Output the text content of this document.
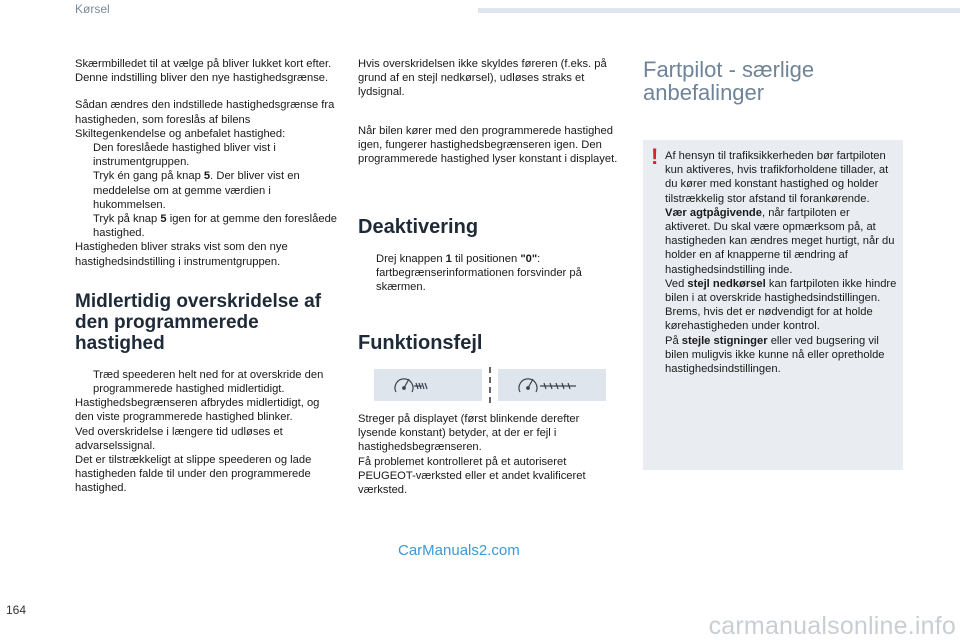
Kørsel

Skærmbilledet til at vælge på bliver lukket kort efter.

Denne indstilling bliver den nye hastighedsgrænse.

Sådan ændres den indstillede hastighedsgrænse fra hastigheden, som foreslås af bilens Skiltegenkendelse og anbefalet hastighed:

Den foreslåede hastighed bliver vist i instrumentgruppen.
Tryk én gang på knap 5. Der bliver vist en meddelelse om at gemme værdien i hukommelsen.
Tryk på knap 5 igen for at gemme den foreslåede hastighed.

Hastigheden bliver straks vist som den nye hastighedsindstilling i instrumentgruppen.

Midlertidig overskridelse af den programmerede hastighed
Træd speederen helt ned for at overskride den programmerede hastighed midlertidigt.

Hastighedsbegrænseren afbrydes midlertidigt, og den viste programmerede hastighed blinker.

Ved overskridelse i længere tid udløses et advarselssignal.

Det er tilstrækkeligt at slippe speederen og lade hastigheden falde til under den programmerede hastighed.

Hvis overskridelsen ikke skyldes føreren (f.eks. på grund af en stejl nedkørsel), udløses straks et lydsignal.

Når bilen kører med den programmerede hastighed igen, fungerer hastighedsbegrænseren igen. Den programmerede hastighed lyser konstant i displayet.

Deaktivering
Drej knappen 1 til positionen "0": fartbegrænserinformationen forsvinder på skærmen.
Funktionsfejl

Streger på displayet (først blinkende derefter lysende konstant) betyder, at der er fejl i hastighedsbegrænseren.

Få problemet kontrolleret på et autoriseret PEUGEOT-værksted eller et andet kvalificeret værksted.

Fartpilot - særlige anbefalinger
! Af hensyn til trafiksikkerheden bør fartpiloten kun aktiveres, hvis trafikforholdene tillader, at du kører med konstant hastighed og holder tilstrækkelig stor afstand til forankørende.

Vær agtpågivende, når fartpiloten er aktiveret. Du skal være opmærksom på, at hastigheden kan ændres meget hurtigt, når du holder en af knapperne til ændring af hastighedsindstilling inde.

Ved stejl nedkørsel kan fartpiloten ikke hindre bilen i at overskride hastighedsindstillingen. Brems, hvis det er nødvendigt for at holde kørehastigheden under kontrol.

På stejle stigninger eller ved bugsering vil bilen muligvis ikke kunne nå eller opretholde hastighedsindstillingen.

CarManuals2.com
164
carmanualsonline.info
